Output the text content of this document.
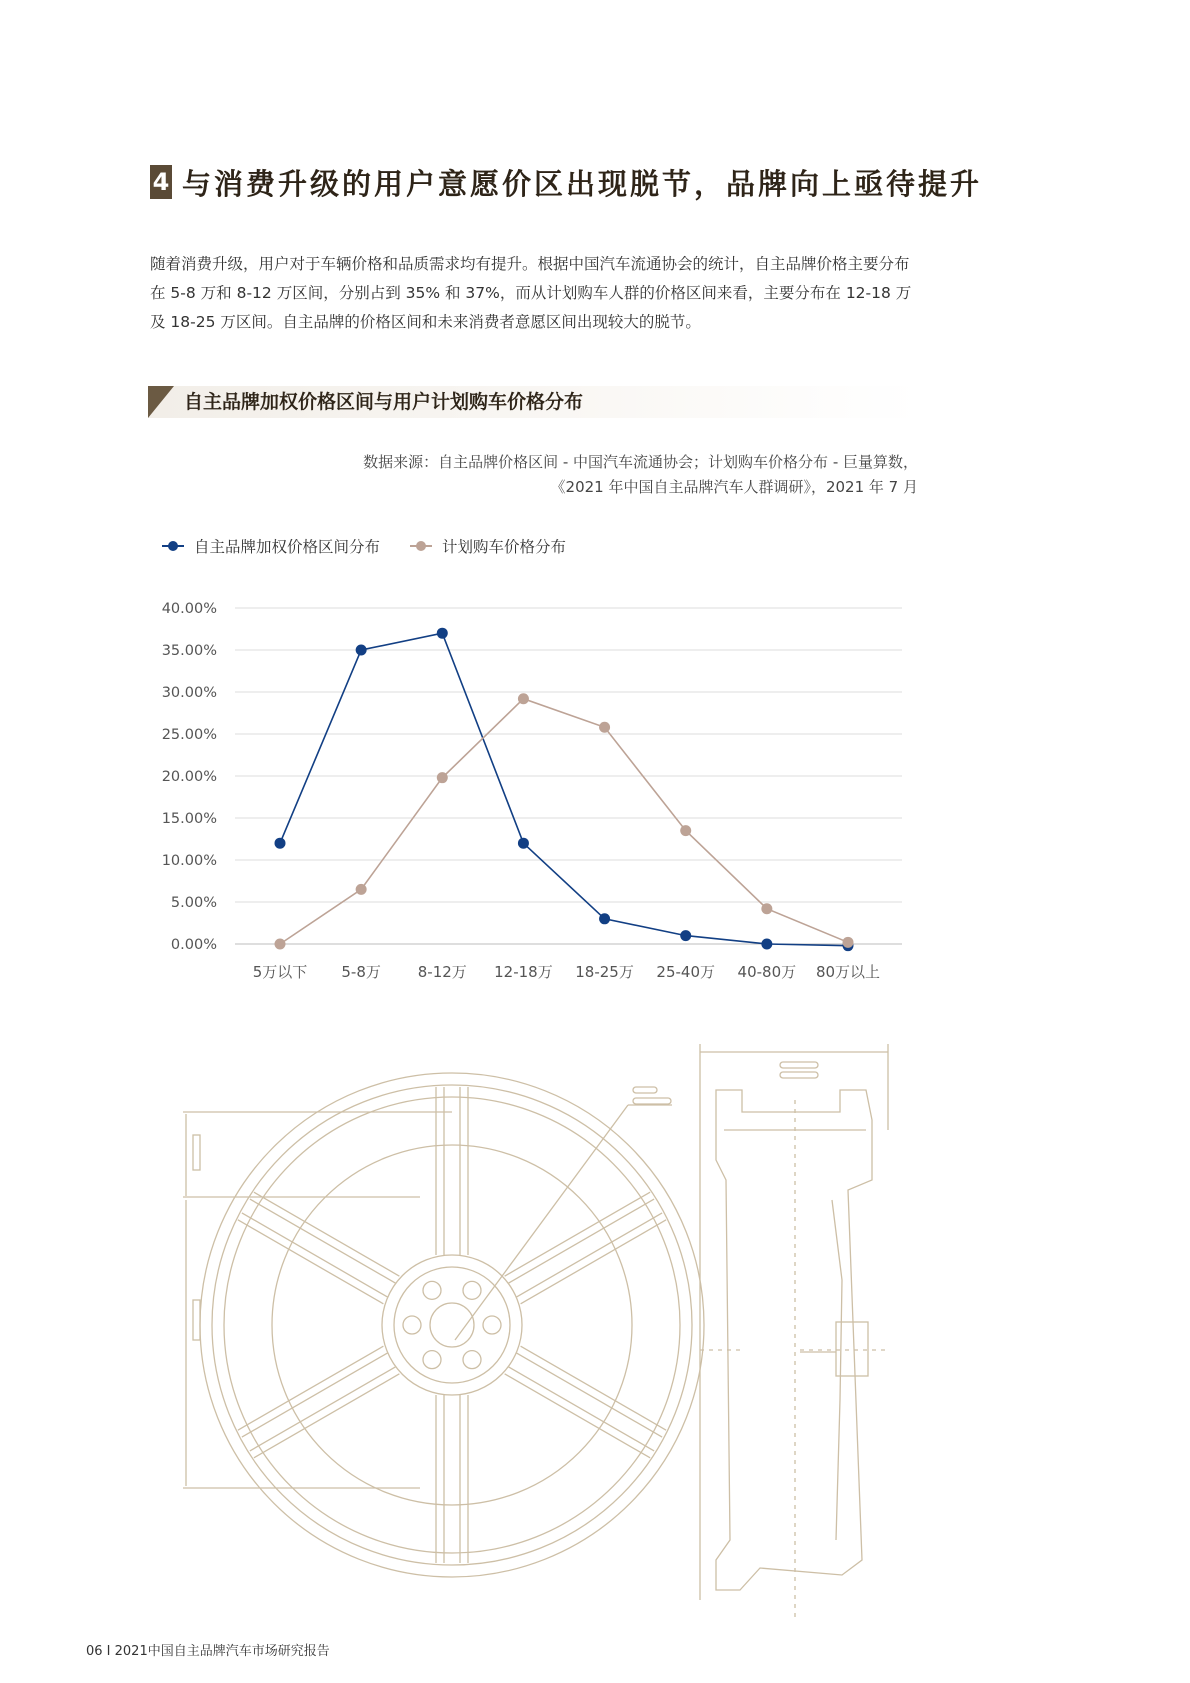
4 与消费升级的用户意愿价区出现脱节，品牌向上亟待提升
随着消费升级，用户对于车辆价格和品质需求均有提升。根据中国汽车流通协会的统计，自主品牌价格主要分布在 5-8 万和 8-12 万区间，分别占到 35% 和 37%，而从计划购车人群的价格区间来看，主要分布在 12-18 万及 18-25 万区间。自主品牌的价格区间和未来消费者意愿区间出现较大的脱节。
自主品牌加权价格区间与用户计划购车价格分布
数据来源：自主品牌价格区间 - 中国汽车流通协会；计划购车价格分布 - 巨量算数，
《2021 年中国自主品牌汽车人群调研》，2021 年 7 月
自主品牌加权价格区间分布	计划购车价格分布
0.00%
5.00%
10.00%
15.00%
20.00%
25.00%
30.00%
35.00%
40.00%
5万以下 5-8万 8-12万 12-18万 18-25万 25-40万 40-80万 80万以上
06 I 2021中国自主品牌汽车市场研究报告
